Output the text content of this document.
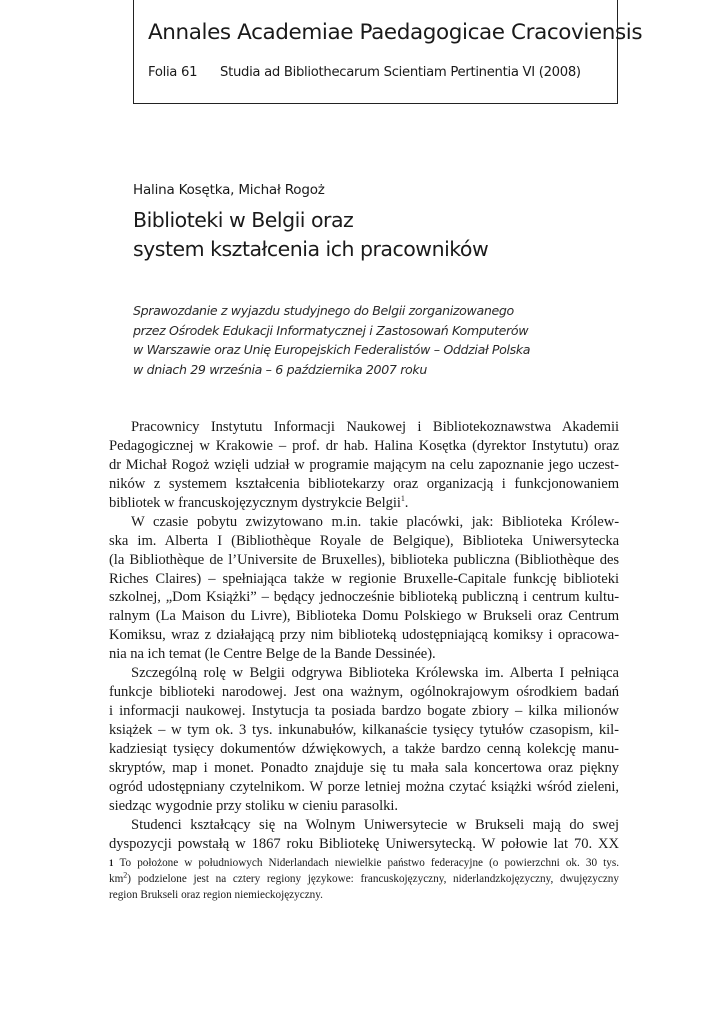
Annales Academiae Paedagogicae Cracoviensis
Folia 61 Studia ad Bibliothecarum Scientiam Pertinentia VI (2008)
Halina Kosętka, Michał Rogoż
Biblioteki w Belgii oraz
system kształcenia ich pracowników
Sprawozdanie z wyjazdu studyjnego do Belgii zorganizowanego
przez Ośrodek Edukacji Informatycznej i Zastosowań Komputerów
w Warszawie oraz Unię Europejskich Federalistów – Oddział Polska
w dniach 29 września – 6 października 2007 roku
Pracownicy Instytutu Informacji Naukowej i Bibliotekoznawstwa Akademii
Pedagogicznej w Krakowie – prof. dr hab. Halina Kosętka (dyrektor Instytutu) oraz
dr Michał Rogoż wzięli udział w programie mającym na celu zapoznanie jego uczest-
ników z systemem kształcenia bibliotekarzy oraz organizacją i funkcjonowaniem
bibliotek w francuskojęzycznym dystrykcie Belgii$^1$.
W czasie pobytu zwizytowano m.in. takie placówki, jak: Biblioteka Królew-
ska im. Alberta I (Bibliothèque Royale de Belgique), Biblioteka Uniwersytecka
(la Bibliothèque de l’Universite de Bruxelles), biblioteka publiczna (Bibliothèque des
Riches Claires) – spełniająca także w regionie Bruxelle-Capitale funkcję biblioteki
szkolnej, „Dom Książki” – będący jednocześnie biblioteką publiczną i centrum kultu-
ralnym (La Maison du Livre), Biblioteka Domu Polskiego w Brukseli oraz Centrum
Komiksu, wraz z działającą przy nim biblioteką udostępniającą komiksy i opracowa-
nia na ich temat (le Centre Belge de la Bande Dessinée).
Szczególną rolę w Belgii odgrywa Biblioteka Królewska im. Alberta I pełniąca
funkcje biblioteki narodowej. Jest ona ważnym, ogólnokrajowym ośrodkiem badań
i informacji naukowej. Instytucja ta posiada bardzo bogate zbiory – kilka milionów
książek – w tym ok. 3 tys. inkunabułów, kilkanaście tysięcy tytułów czasopism, kil-
kadziesiąt tysięcy dokumentów dźwiękowych, a także bardzo cenną kolekcję manu-
skryptów, map i monet. Ponadto znajduje się tu mała sala koncertowa oraz piękny
ogród udostępniany czytelnikom. W porze letniej można czytać książki wśród zieleni,
siedząc wygodnie przy stoliku w cieniu parasolki.
Studenci kształcący się na Wolnym Uniwersytecie w Brukseli mają do swej
dyspozycji powstałą w 1867 roku Bibliotekę Uniwersytecką. W połowie lat 70. XX
1 To położone w południowych Niderlandach niewielkie państwo federacyjne (o powierzchni ok. 30 tys.
$km^2$) podzielone jest na cztery regiony językowe: francuskojęzyczny, niderlandzkojęzyczny, dwujęzyczny
region Brukseli oraz region niemieckojęzyczny.
